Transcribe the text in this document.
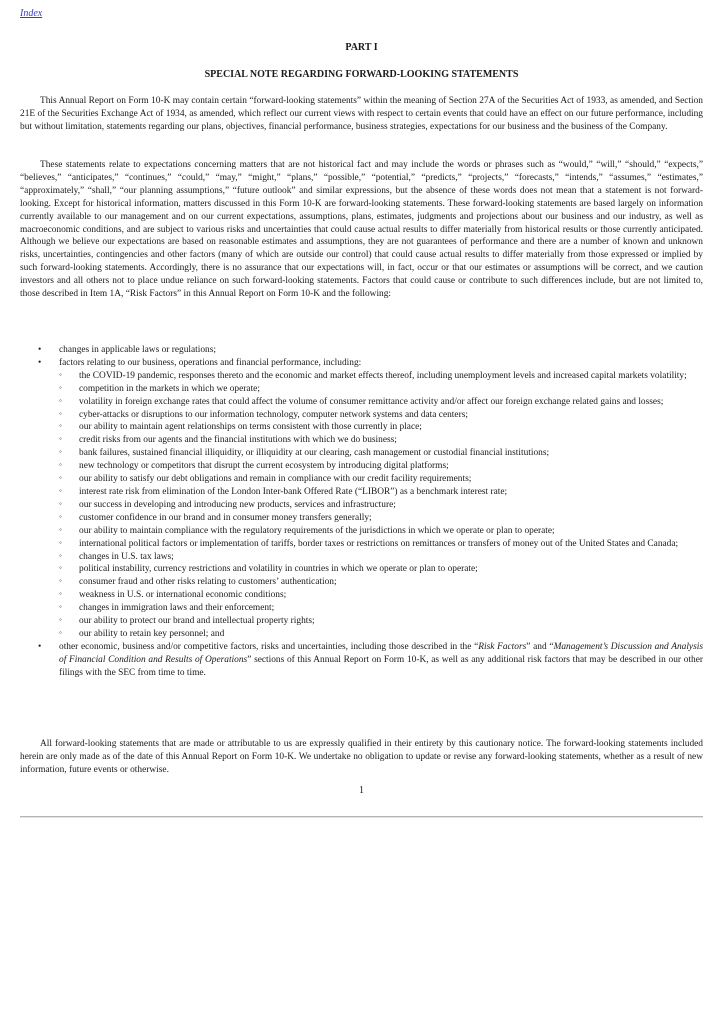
Index
PART I
SPECIAL NOTE REGARDING FORWARD-LOOKING STATEMENTS

This Annual Report on Form 10-K may contain certain “forward-looking statements” within the meaning of Section 27A of the Securities Act of 1933, as amended, and Section 21E of the Securities Exchange Act of 1934, as amended, which reflect our current views with respect to certain events that could have an effect on our future performance, including but without limitation, statements regarding our plans, objectives, financial performance, business strategies, expectations for our business and the business of the Company.

These statements relate to expectations concerning matters that are not historical fact and may include the words or phrases such as “would,” “will,” “should,” “expects,” “believes,” “anticipates,” “continues,” “could,” “may,” “might,” “plans,” “possible,” “potential,” “predicts,” “projects,” “forecasts,” “intends,” “assumes,” “estimates,” “approximately,” “shall,” “our planning assumptions,” “future outlook” and similar expressions, but the absence of these words does not mean that a statement is not forward-looking. Except for historical information, matters discussed in this Form 10-K are forward-looking statements. These forward-looking statements are based largely on information currently available to our management and on our current expectations, assumptions, plans, estimates, judgments and projections about our business and our industry, as well as macroeconomic conditions, and are subject to various risks and uncertainties that could cause actual results to differ materially from historical results or those currently anticipated. Although we believe our expectations are based on reasonable estimates and assumptions, they are not guarantees of performance and there are a number of known and unknown risks, uncertainties, contingencies and other factors (many of which are outside our control) that could cause actual results to differ materially from those expressed or implied by such forward-looking statements. Accordingly, there is no assurance that our expectations will, in fact, occur or that our estimates or assumptions will be correct, and we caution investors and all others not to place undue reliance on such forward-looking statements. Factors that could cause or contribute to such differences include, but are not limited to, those described in Item 1A, “Risk Factors” in this Annual Report on Form 10-K and the following:

• changes in applicable laws or regulations;
• factors relating to our business, operations and financial performance, including:
◦ the COVID-19 pandemic, responses thereto and the economic and market effects thereof, including unemployment levels and increased capital markets volatility;
◦ competition in the markets in which we operate;
◦ volatility in foreign exchange rates that could affect the volume of consumer remittance activity and/or affect our foreign exchange related gains and losses;
◦ cyber-attacks or disruptions to our information technology, computer network systems and data centers;
◦ our ability to maintain agent relationships on terms consistent with those currently in place;
◦ credit risks from our agents and the financial institutions with which we do business;
◦ bank failures, sustained financial illiquidity, or illiquidity at our clearing, cash management or custodial financial institutions;
◦ new technology or competitors that disrupt the current ecosystem by introducing digital platforms;
◦ our ability to satisfy our debt obligations and remain in compliance with our credit facility requirements;
◦ interest rate risk from elimination of the London Inter-bank Offered Rate (“LIBOR”) as a benchmark interest rate;
◦ our success in developing and introducing new products, services and infrastructure;
◦ customer confidence in our brand and in consumer money transfers generally;
◦ our ability to maintain compliance with the regulatory requirements of the jurisdictions in which we operate or plan to operate;
◦ international political factors or implementation of tariffs, border taxes or restrictions on remittances or transfers of money out of the United States and Canada;
◦ changes in U.S. tax laws;
◦ political instability, currency restrictions and volatility in countries in which we operate or plan to operate;
◦ consumer fraud and other risks relating to customers’ authentication;
◦ weakness in U.S. or international economic conditions;
◦ changes in immigration laws and their enforcement;
◦ our ability to protect our brand and intellectual property rights;
◦ our ability to retain key personnel; and
• other economic, business and/or competitive factors, risks and uncertainties, including those described in the “Risk Factors” and “Management’s Discussion and Analysis of Financial Condition and Results of Operations” sections of this Annual Report on Form 10-K, as well as any additional risk factors that may be described in our other filings with the SEC from time to time.

All forward-looking statements that are made or attributable to us are expressly qualified in their entirety by this cautionary notice. The forward-looking statements included herein are only made as of the date of this Annual Report on Form 10-K. We undertake no obligation to update or revise any forward-looking statements, whether as a result of new information, future events or otherwise.

1
